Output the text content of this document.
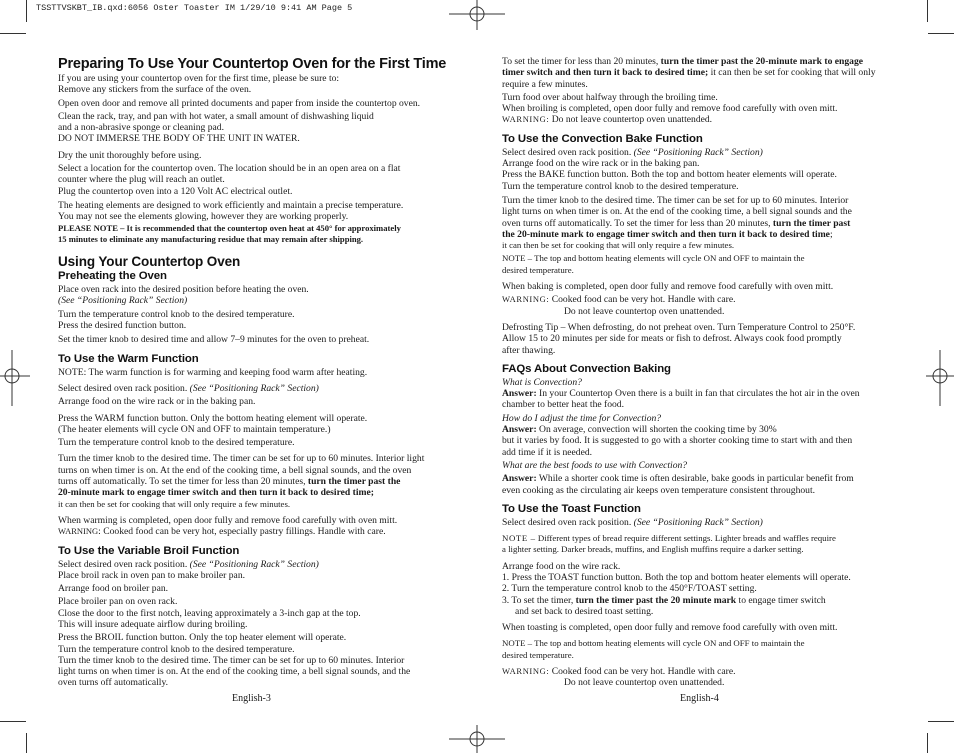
TSSTTVSKBT_IB.qxd:6056 Oster Toaster IM 1/29/10 9:41 AM Page 5
Preparing To Use Your Countertop Oven for the First Time

If you are using your countertop oven for the first time, please be sure to:

Remove any stickers from the surface of the oven.

Open oven door and remove all printed documents and paper from inside the countertop oven.

Clean the rack, tray, and pan with hot water, a small amount of dishwashing liquid

and a non-abrasive sponge or cleaning pad.

DO NOT IMMERSE THE BODY OF THE UNIT IN WATER.

Dry the unit thoroughly before using.

Select a location for the countertop oven. The location should be in an open area on a flat

counter where the plug will reach an outlet.

Plug the countertop oven into a 120 Volt AC electrical outlet.

The heating elements are designed to work efficiently and maintain a precise temperature.

You may not see the elements glowing, however they are working properly.

PLEASE NOTE – It is recommended that the countertop oven heat at 450° for approximately

15 minutes to eliminate any manufacturing residue that may remain after shipping.

Using Your Countertop Oven
Preheating the Oven

Place oven rack into the desired position before heating the oven.

(See “Positioning Rack” Section)

Turn the temperature control knob to the desired temperature.

Press the desired function button.

Set the timer knob to desired time and allow 7–9 minutes for the oven to preheat.

To Use the Warm Function

NOTE: The warm function is for warming and keeping food warm after heating.

Select desired oven rack position. (See “Positioning Rack” Section)

Arrange food on the wire rack or in the baking pan.

Press the WARM function button. Only the bottom heating element will operate.

(The heater elements will cycle ON and OFF to maintain temperature.)

Turn the temperature control knob to the desired temperature.

Turn the timer knob to the desired time. The timer can be set for up to 60 minutes. Interior light

turns on when timer is on. At the end of the cooking time, a bell signal sounds, and the oven

turns off automatically. To set the timer for less than 20 minutes, turn the timer past the

20-minute mark to engage timer switch and then turn it back to desired time;

it can then be set for cooking that will only require a few minutes.

When warming is completed, open door fully and remove food carefully with oven mitt.

WARNING: Cooked food can be very hot, especially pastry fillings. Handle with care.

To Use the Variable Broil Function

Select desired oven rack position. (See “Positioning Rack” Section)

Place broil rack in oven pan to make broiler pan.

Arrange food on broiler pan.

Place broiler pan on oven rack.

Close the door to the first notch, leaving approximately a 3-inch gap at the top.

This will insure adequate airflow during broiling.

Press the BROIL function button. Only the top heater element will operate.

Turn the temperature control knob to the desired temperature.

Turn the timer knob to the desired time. The timer can be set for up to 60 minutes. Interior

light turns on when timer is on. At the end of the cooking time, a bell signal sounds, and the

oven turns off automatically.

English-3

To set the timer for less than 20 minutes, turn the timer past the 20-minute mark to engage

timer switch and then turn it back to desired time; it can then be set for cooking that will only

require a few minutes.

Turn food over about halfway through the broiling time.

When broiling is completed, open door fully and remove food carefully with oven mitt.

WARNING: Do not leave countertop oven unattended.

To Use the Convection Bake Function

Select desired oven rack position. (See “Positioning Rack” Section)

Arrange food on the wire rack or in the baking pan.

Press the BAKE function button. Both the top and bottom heater elements will operate.

Turn the temperature control knob to the desired temperature.

Turn the timer knob to the desired time. The timer can be set for up to 60 minutes. Interior

light turns on when timer is on. At the end of the cooking time, a bell signal sounds and the

oven turns off automatically. To set the timer for less than 20 minutes, turn the timer past

the 20-minute mark to engage timer switch and then turn it back to desired time;

it can then be set for cooking that will only require a few minutes.

NOTE – The top and bottom heating elements will cycle ON and OFF to maintain the

desired temperature.

When baking is completed, open door fully and remove food carefully with oven mitt.

WARNING: Cooked food can be very hot. Handle with care.

Do not leave countertop oven unattended.

Defrosting Tip – When defrosting, do not preheat oven. Turn Temperature Control to 250°F.

Allow 15 to 20 minutes per side for meats or fish to defrost. Always cook food promptly

after thawing.

FAQs About Convection Baking

What is Convection?

Answer: In your Countertop Oven there is a built in fan that circulates the hot air in the oven

chamber to better heat the food.

How do I adjust the time for Convection?

Answer: On average, convection will shorten the cooking time by 30%

but it varies by food. It is suggested to go with a shorter cooking time to start with and then

add time if it is needed.

What are the best foods to use with Convection?

Answer: While a shorter cook time is often desirable, bake goods in particular benefit from

even cooking as the circulating air keeps oven temperature consistent throughout.

To Use the Toast Function

Select desired oven rack position. (See “Positioning Rack” Section)

NOTE – Different types of bread require different settings. Lighter breads and waffles require

a lighter setting. Darker breads, muffins, and English muffins require a darker setting.

Arrange food on the wire rack.

1. Press the TOAST function button. Both the top and bottom heater elements will operate.

2. Turn the temperature control knob to the 450°F/TOAST setting.

3. To set the timer, turn the timer past the 20 minute mark to engage timer switch

and set back to desired toast setting.

When toasting is completed, open door fully and remove food carefully with oven mitt.

NOTE – The top and bottom heating elements will cycle ON and OFF to maintain the

desired temperature.

WARNING: Cooked food can be very hot. Handle with care.

Do not leave countertop oven unattended.

English-4
